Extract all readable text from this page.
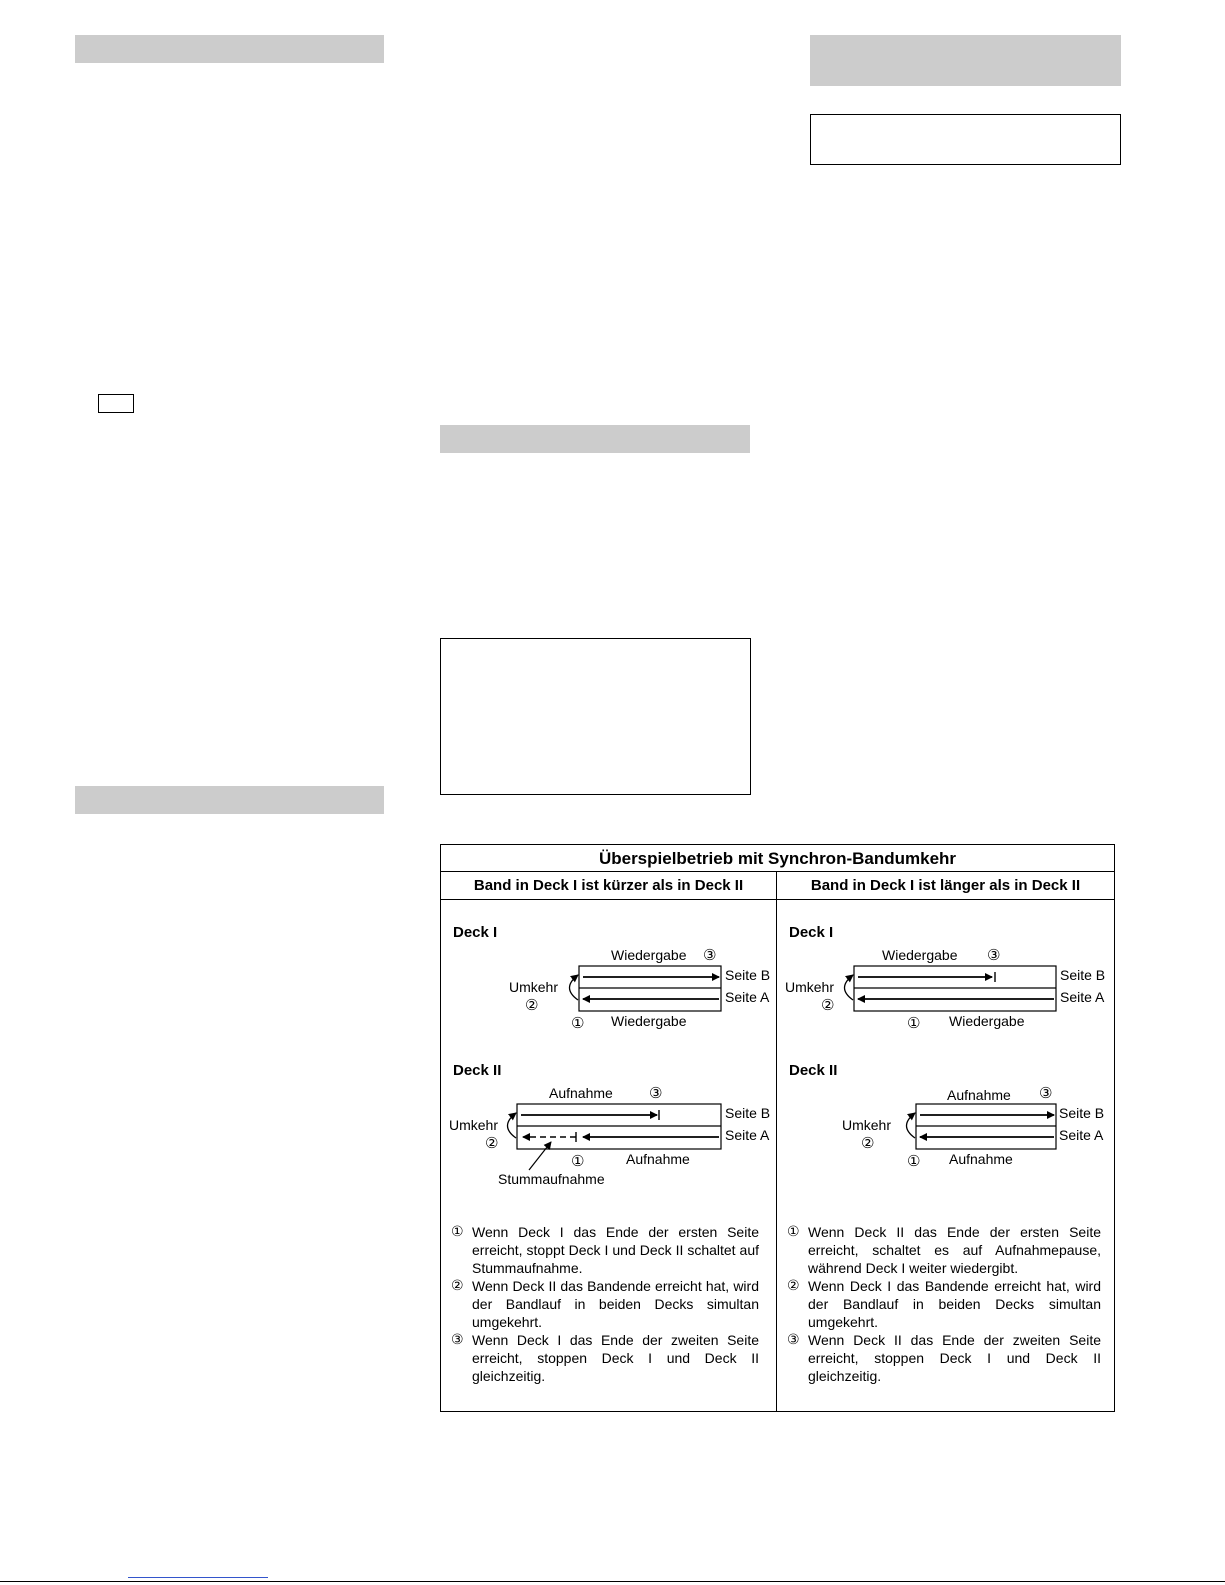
Überspielbetrieb mit Synchron-Bandumkehr
Band in Deck I ist kürzer als in Deck II	Band in Deck I ist länger als in Deck II
Deck I
Wiedergabe ③
Umkehr
②
Seite B
Seite A
① Wiedergabe
Deck II
Aufnahme ③
Umkehr
②
Seite B
Seite A
①	Aufnahme
Stummaufnahme
① Wenn Deck I das Ende der ersten Seite erreicht, stoppt Deck I und Deck II schaltet auf Stummaufnahme.
② Wenn Deck II das Bandende erreicht hat, wird der Bandlauf in beiden Decks simultan umgekehrt.
③ Wenn Deck I das Ende der zweiten Seite erreicht, stoppen Deck I und Deck II gleichzeitig.
Deck I
Wiedergabe ③
Umkehr
②
Seite B
Seite A
① Wiedergabe
Deck II
Aufnahme ③
Umkehr
②
Seite B
Seite A
① Aufnahme
① Wenn Deck II das Ende der ersten Seite erreicht, schaltet es auf Aufnahmepause, während Deck I weiter wiedergibt.
② Wenn Deck I das Bandende erreicht hat, wird der Bandlauf in beiden Decks simultan umgekehrt.
③ Wenn Deck II das Ende der zweiten Seite erreicht, stoppen Deck I und Deck II gleichzeitig.
